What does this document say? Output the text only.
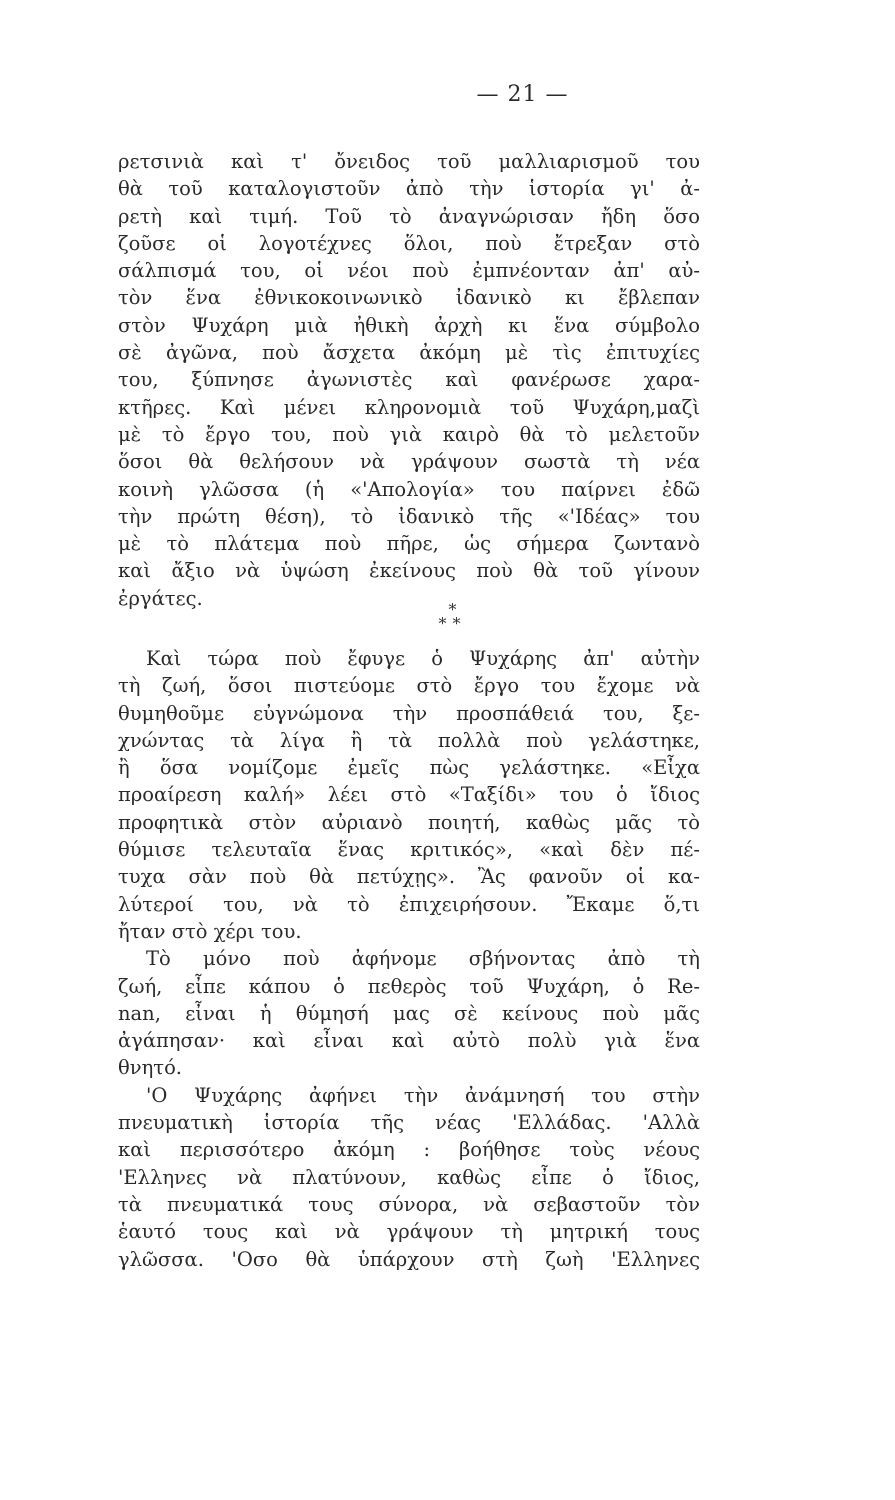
— 21 —
ρετσινιὰ καὶ τ' ὄνειδος τοῦ μαλλιαρισμοῦ του
θὰ τοῦ καταλογιστοῦν ἀπὸ τὴν ἱστορία γι' ἀ-
ρετὴ καὶ τιμή. Τοῦ τὸ ἀναγνώρισαν ἤδη ὅσο
ζοῦσε οἱ λογοτέχνες ὅλοι, ποὺ ἔτρεξαν στὸ
σάλπισμά του, οἱ νέοι ποὺ ἐμπνέονταν ἀπ' αὐ-
τὸν ἕνα ἐθνικοκοινωνικὸ ἰδανικὸ κι ἔβλεπαν
στὸν Ψυχάρη μιὰ ἠθικὴ ἀρχὴ κι ἕνα σύμβολο
σὲ ἀγῶνα, ποὺ ἄσχετα ἀκόμη μὲ τὶς ἐπιτυχίες
του, ξύπνησε ἀγωνιστὲς καὶ φανέρωσε χαρα-
κτῆρες. Καὶ μένει κληρονομιὰ τοῦ Ψυχάρη,μαζὶ
μὲ τὸ ἔργο του, ποὺ γιὰ καιρὸ θὰ τὸ μελετοῦν
ὅσοι θὰ θελήσουν νὰ γράψουν σωστὰ τὴ νέα
κοινὴ γλῶσσα (ἡ «'Απολογία» του παίρνει ἐδῶ
τὴν πρώτη θέση), τὸ ἰδανικὸ τῆς «'Ιδέας» του
μὲ τὸ πλάτεμα ποὺ πῆρε, ὡς σήμερα ζωντανὸ
καὶ ἄξιο νὰ ὑψώση ἐκείνους ποὺ θὰ τοῦ γίνουν
ἐργάτες.	*
**
Καὶ τώρα ποὺ ἔφυγε ὁ Ψυχάρης ἀπ' αὐτὴν
τὴ ζωή, ὅσοι πιστεύομε στὸ ἔργο του ἔχομε νὰ
θυμηθοῦμε εὐγνώμονα τὴν προσπάθειά του, ξε-
χνώντας τὰ λίγα ἢ τὰ πολλὰ ποὺ γελάστηκε,
ἢ ὅσα νομίζομε ἐμεῖς πὼς γελάστηκε. «Εἶχα
προαίρεση καλή» λέει στὸ «Ταξίδι» του ὁ ἴδιος
προφητικὰ στὸν αὐριανὸ ποιητή, καθὼς μᾶς τὸ
θύμισε τελευταῖα ἕνας κριτικός», «καὶ δὲν πέ-
τυχα σὰν ποὺ θὰ πετύχῃς». Ἂς φανοῦν οἱ κα-
λύτεροί του, νὰ τὸ ἐπιχειρήσουν. Ἔκαμε ὅ,τι
ἤταν στὸ χέρι του.
Τὸ μόνο ποὺ ἀφήνομε σβήνοντας ἀπὸ τὴ
ζωή, εἶπε κάπου ὁ πεθερὸς τοῦ Ψυχάρη, ὁ Re-
nan, εἶναι ἡ θύμησή μας σὲ κείνους ποὺ μᾶς
ἀγάπησαν· καὶ εἶναι καὶ αὐτὸ πολὺ γιὰ ἕνα
θνητό.
'Ο Ψυχάρης ἀφήνει τὴν ἀνάμνησή του στὴν
πνευματικὴ ἱστορία τῆς νέας 'Ελλάδας. 'Αλλὰ
καὶ περισσότερο ἀκόμη : βοήθησε τοὺς νέους
'Ελληνες νὰ πλατύνουν, καθὼς εἶπε ὁ ἴδιος,
τὰ πνευματικά τους σύνορα, νὰ σεβαστοῦν τὸν
ἑαυτό τους καὶ νὰ γράψουν τὴ μητρική τους
γλῶσσα. 'Οσο θὰ ὑπάρχουν στὴ ζωὴ 'Ελληνες
